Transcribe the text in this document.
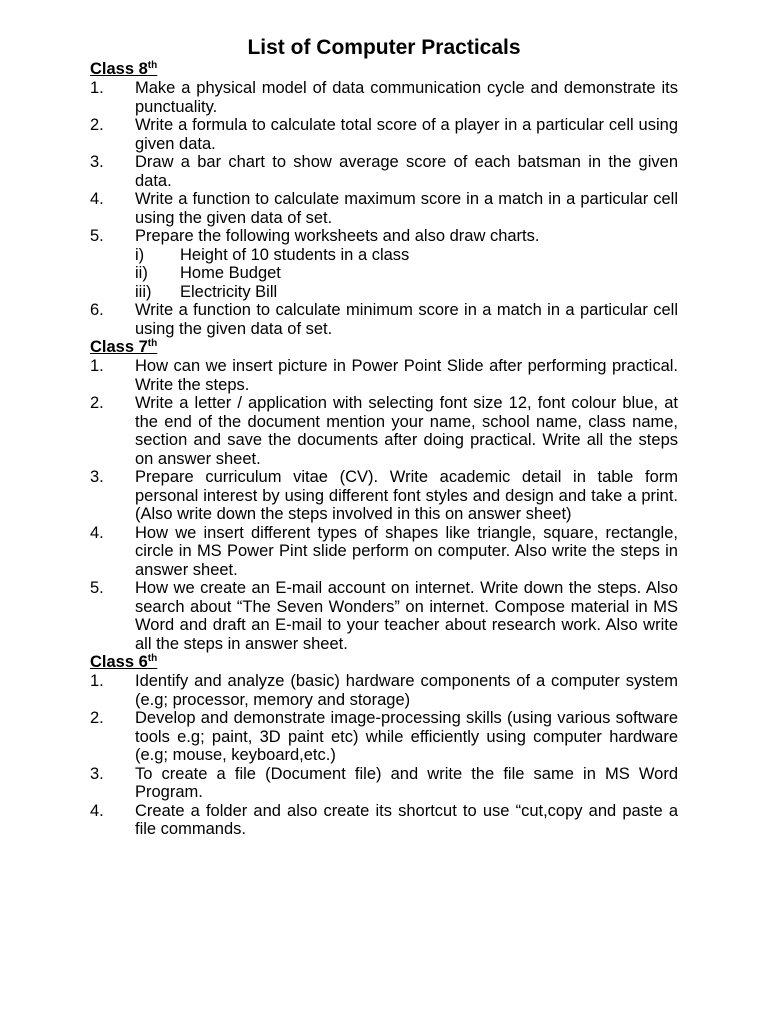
List of Computer Practicals
Class 8th
1.	Make a physical model of data communication cycle and demonstrate its punctuality.
2.	Write a formula to calculate total score of a player in a particular cell using given data.
3.	Draw a bar chart to show average score of each batsman in the given data.
4.	Write a function to calculate maximum score in a match in a particular cell using the given data of set.
5.	Prepare the following worksheets and also draw charts.
i)	Height of 10 students in a class
ii)	Home Budget
iii)	Electricity Bill
6.	Write a function to calculate minimum score in a match in a particular cell using the given data of set.
Class 7th
1.	How can we insert picture in Power Point Slide after performing practical. Write the steps.
2.	Write a letter / application with selecting font size 12, font colour blue, at the end of the document mention your name, school name, class name, section and save the documents after doing practical. Write all the steps on answer sheet.
3.	Prepare curriculum vitae (CV). Write academic detail in table form personal interest by using different font styles and design and take a print. (Also write down the steps involved in this on answer sheet)
4.	How we insert different types of shapes like triangle, square, rectangle, circle in MS Power Pint slide perform on computer. Also write the steps in answer sheet.
5.	How we create an E-mail account on internet. Write down the steps. Also search about “The Seven Wonders” on internet. Compose material in MS Word and draft an E-mail to your teacher about research work. Also write all the steps in answer sheet.
Class 6th
1.	Identify and analyze (basic) hardware components of a computer system (e.g; processor, memory and storage)
2.	Develop and demonstrate image-processing skills (using various software tools e.g; paint, 3D paint etc) while efficiently using computer hardware (e.g; mouse, keyboard,etc.)
3.	To create a file (Document file) and write the file same in MS Word Program.
4.	Create a folder and also create its shortcut to use “cut,copy and paste a file commands.
